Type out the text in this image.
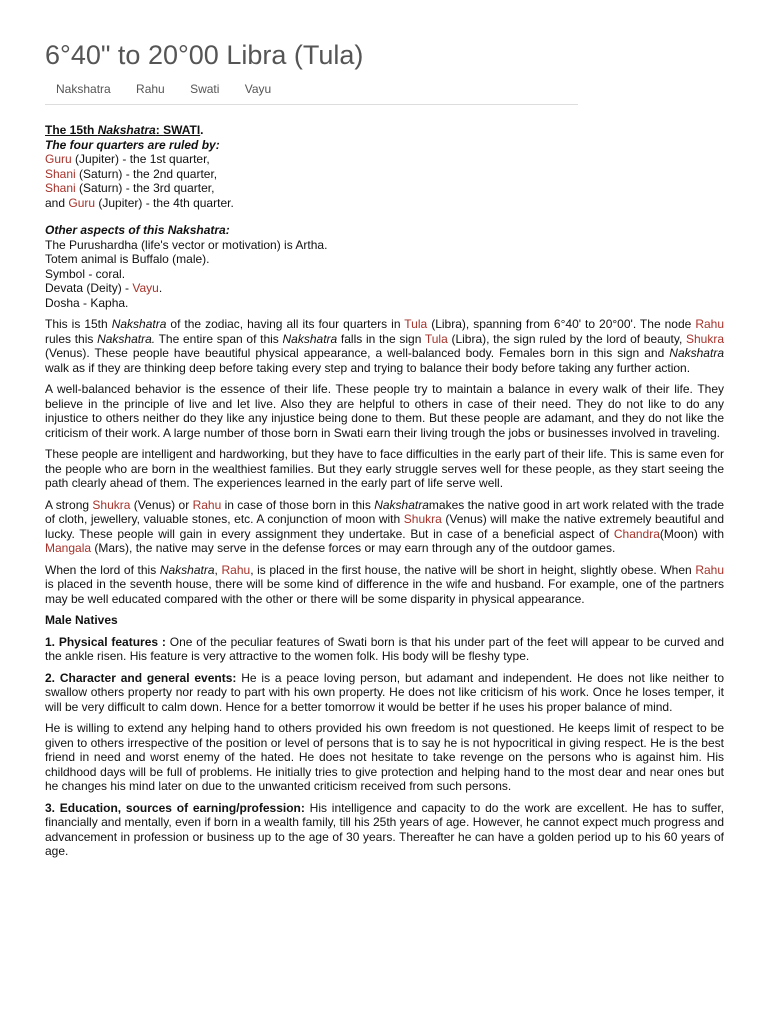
6°40" to 20°00 Libra (Tula)
Nakshatra Rahu Swati Vayu
The 15th Nakshatra: SWATI.
The four quarters are ruled by:
Guru (Jupiter) - the 1st quarter,
Shani (Saturn) - the 2nd quarter,
Shani (Saturn) - the 3rd quarter,
and Guru (Jupiter) - the 4th quarter.
Other aspects of this Nakshatra:
The Purushardha (life's vector or motivation) is Artha.
Totem animal is Buffalo (male).
Symbol - coral.
Devata (Deity) - Vayu.
Dosha - Kapha.

This is 15th Nakshatra of the zodiac, having all its four quarters in Tula (Libra), spanning from 6°40' to 20°00'. The node Rahu rules this Nakshatra. The entire span of this Nakshatra falls in the sign Tula (Libra), the sign ruled by the lord of beauty, Shukra (Venus). These people have beautiful physical appearance, a well-balanced body. Females born in this sign and Nakshatra walk as if they are thinking deep before taking every step and trying to balance their body before taking any further action.

A well-balanced behavior is the essence of their life. These people try to maintain a balance in every walk of their life. They believe in the principle of live and let live. Also they are helpful to others in case of their need. They do not like to do any injustice to others neither do they like any injustice being done to them. But these people are adamant, and they do not like the criticism of their work. A large number of those born in Swati earn their living trough the jobs or businesses involved in traveling.

These people are intelligent and hardworking, but they have to face difficulties in the early part of their life. This is same even for the people who are born in the wealthiest families. But they early struggle serves well for these people, as they start seeing the path clearly ahead of them. The experiences learned in the early part of life serve well.

A strong Shukra (Venus) or Rahu in case of those born in this Nakshatramakes the native good in art work related with the trade of cloth, jewellery, valuable stones, etc. A conjunction of moon with Shukra (Venus) will make the native extremely beautiful and lucky. These people will gain in every assignment they undertake. But in case of a beneficial aspect of Chandra(Moon) with Mangala (Mars), the native may serve in the defense forces or may earn through any of the outdoor games.

When the lord of this Nakshatra, Rahu, is placed in the first house, the native will be short in height, slightly obese. When Rahu is placed in the seventh house, there will be some kind of difference in the wife and husband. For example, one of the partners may be well educated compared with the other or there will be some disparity in physical appearance.

Male Natives

1. Physical features : One of the peculiar features of Swati born is that his under part of the feet will appear to be curved and the ankle risen. His feature is very attractive to the women folk. His body will be fleshy type.

2. Character and general events: He is a peace loving person, but adamant and independent. He does not like neither to swallow others property nor ready to part with his own property. He does not like criticism of his work. Once he loses temper, it will be very difficult to calm down. Hence for a better tomorrow it would be better if he uses his proper balance of mind.

He is willing to extend any helping hand to others provided his own freedom is not questioned. He keeps limit of respect to be given to others irrespective of the position or level of persons that is to say he is not hypocritical in giving respect. He is the best friend in need and worst enemy of the hated. He does not hesitate to take revenge on the persons who is against him. His childhood days will be full of problems. He initially tries to give protection and helping hand to the most dear and near ones but he changes his mind later on due to the unwanted criticism received from such persons.

3. Education, sources of earning/profession: His intelligence and capacity to do the work are excellent. He has to suffer, financially and mentally, even if born in a wealth family, till his 25th years of age. However, he cannot expect much progress and advancement in profession or business up to the age of 30 years. Thereafter he can have a golden period up to his 60 years of age.
